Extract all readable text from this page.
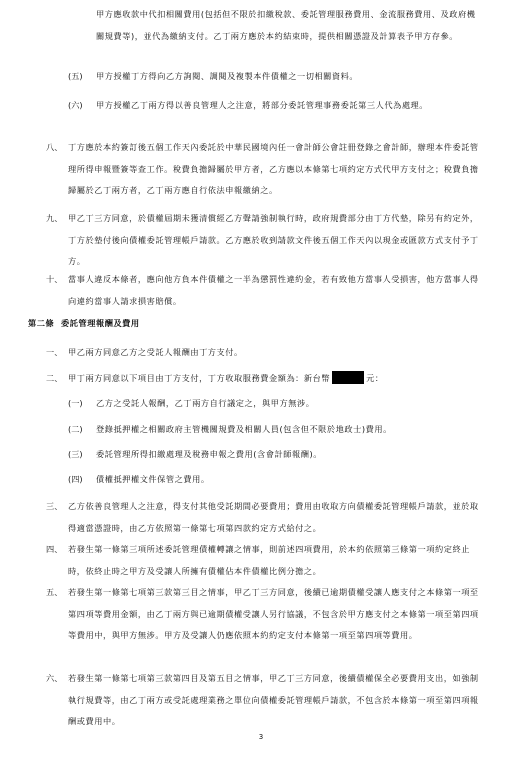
甲方應收款中代扣相關費用(包括但不限於扣繳稅款、委託管理服務費用、金流服務費用、及政府機關規費等)，並代為繳納支付。乙丁兩方應於本約結束時，提供相關憑證及計算表予甲方存參。
(五) 甲方授權丁方得向乙方詢閱、調閱及複製本件債權之一切相關資料。
(六) 甲方授權乙丁兩方得以善良管理人之注意，將部分委託管理事務委託第三人代為處理。
八、 丁方應於本約簽訂後五個工作天內委託於中華民國境內任一會計師公會註冊登錄之會計師，辦理本件委託管理所得申報暨簽等查工作。稅費負擔歸屬於甲方者，乙方應以本條第七項約定方式代甲方支付之；稅費負擔歸屬於乙丁兩方者，乙丁兩方應自行依法申報繳納之。
九、 甲乙丁三方同意，於債權屆期未獲清償經乙方聲請強制執行時，政府規費部分由丁方代墊，除另有約定外，丁方於墊付後向債權委託管理帳戶請款。乙方應於收到請款文件後五個工作天內以現金或匯款方式支付予丁方。
十、 當事人違反本條者，應向他方負本件債權之一半為懲罰性違約金，若有致他方當事人受損害，他方當事人得向違約當事人請求損害賠償。
第二條  委託管理報酬及費用
一、 甲乙兩方同意乙方之受託人報酬由丁方支付。
二、 甲丁兩方同意以下項目由丁方支付，丁方收取服務費金額為：新台幣	元：
(一) 乙方之受託人報酬，乙丁兩方自行議定之，與甲方無涉。
(二) 登錄抵押權之相關政府主管機關規費及相關人員(包含但不限於地政士)費用。
(三) 委託管理所得扣繳處理及稅務申報之費用(含會計師報酬)。
(四) 債權抵押權文件保管之費用。
三、 乙方依善良管理人之注意，得支付其他受託期間必要費用；費用由收取方向債權委託管理帳戶請款，並於取得適當憑證時，由乙方依照第一條第七項第四款約定方式給付之。
四、 若發生第一條第三項所述委託管理債權轉讓之情事，則前述四項費用，於本約依照第三條第一項約定終止時，依終止時之甲方及受讓人所擁有債權佔本件債權比例分擔之。
五、 若發生第一條第七項第三款第三目之情事，甲乙丁三方同意，後續已逾期債權受讓人應支付之本條第一項至第四項等費用金額，由乙丁兩方與已逾期債權受讓人另行協議，不包含於甲方應支付之本條第一項至第四項等費用中，與甲方無涉。甲方及受讓人仍應依照本約約定支付本條第一項至第四項等費用。
六、 若發生第一條第七項第三款第四目及第五目之情事，甲乙丁三方同意，後續債權保全必要費用支出，如強制執行規費等，由乙丁兩方或受託處理業務之單位向債權委託管理帳戶請款，不包含於本條第一項至第四項報酬或費用中。
3
